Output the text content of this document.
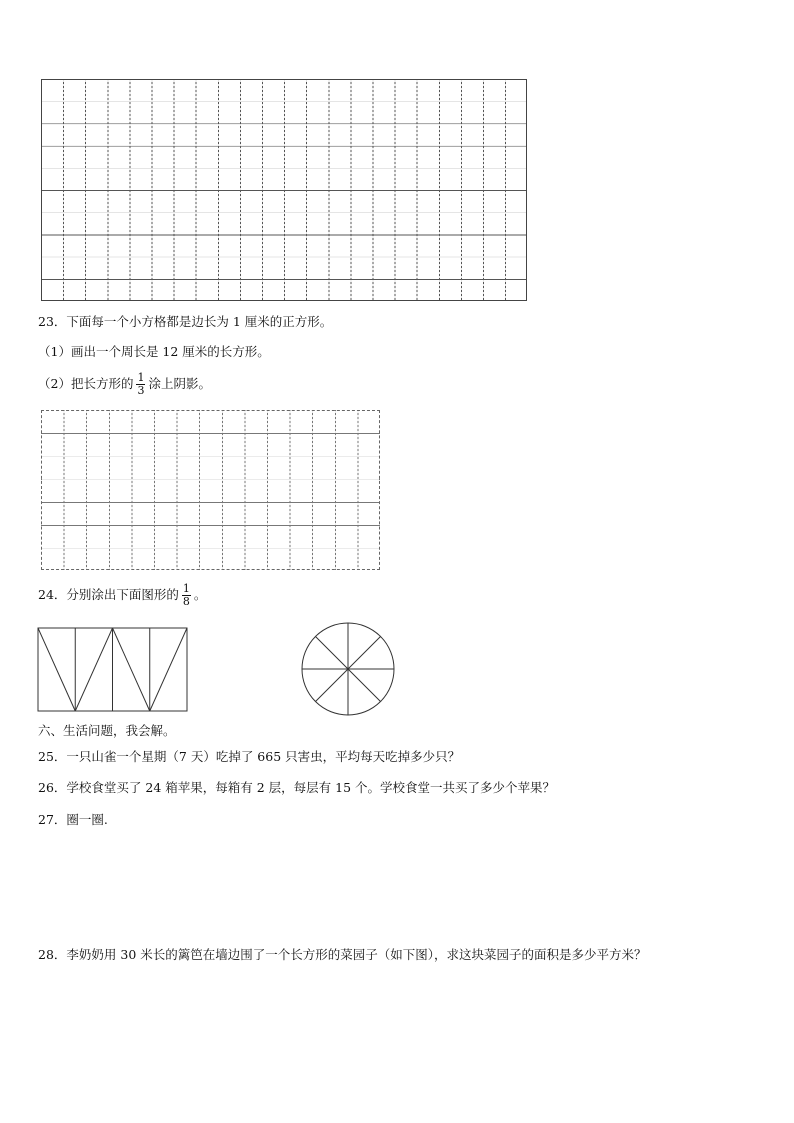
23．下面每一个小方格都是边长为 1 厘米的正方形。
（1）画出一个周长是 12 厘米的长方形。
（2）把长方形的 $\frac{1}{3}$ 涂上阴影。
24．分别涂出下面图形的 $\frac{1}{8}$ 。
六、生活问题，我会解。
25．一只山雀一个星期（7 天）吃掉了 665 只害虫，平均每天吃掉多少只？
26．学校食堂买了 24 箱苹果，每箱有 2 层，每层有 15 个。学校食堂一共买了多少个苹果？
27．圈一圈.
28．李奶奶用 30 米长的篱笆在墙边围了一个长方形的菜园子（如下图），求这块菜园子的面积是多少平方米？
